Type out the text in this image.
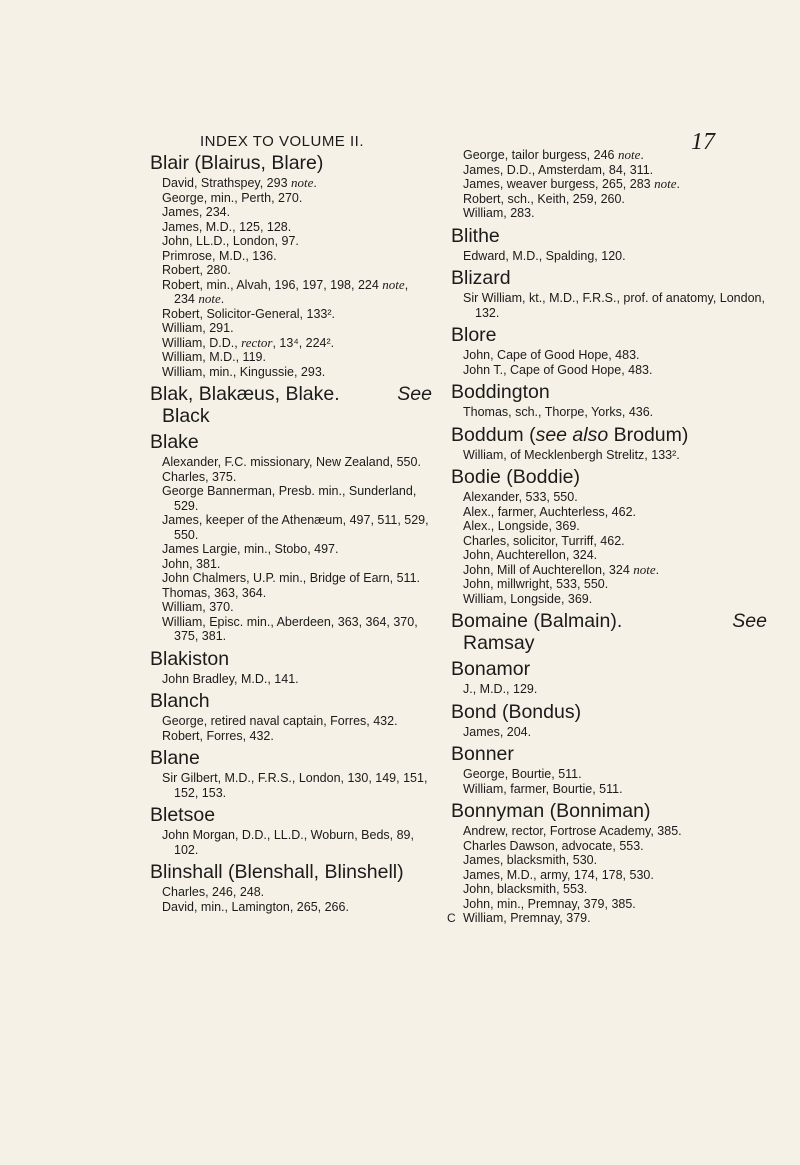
INDEX TO VOLUME II.	17
Blair (Blairus, Blare)
David, Strathspey, 293 note.
George, min., Perth, 270.
James, 234.
James, M.D., 125, 128.
John, LL.D., London, 97.
Primrose, M.D., 136.
Robert, 280.
Robert, min., Alvah, 196, 197, 198, 224 note, 234 note.
Robert, Solicitor-General, 133².
William, 291.
William, D.D., rector, 13⁴, 224².
William, M.D., 119.
William, min., Kingussie, 293.
Blak, Blakæus, Blake.	See
Black
Blake
Alexander, F.C. missionary, New Zealand, 550.
Charles, 375.
George Bannerman, Presb. min., Sunderland, 529.
James, keeper of the Athenæum, 497, 511, 529, 550.
James Largie, min., Stobo, 497.
John, 381.
John Chalmers, U.P. min., Bridge of Earn, 511.
Thomas, 363, 364.
William, 370.
William, Episc. min., Aberdeen, 363, 364, 370, 375, 381.
Blakiston
John Bradley, M.D., 141.
Blanch
George, retired naval captain, Forres, 432.
Robert, Forres, 432.
Blane
Sir Gilbert, M.D., F.R.S., London, 130, 149, 151, 152, 153.
Bletsoe
John Morgan, D.D., LL.D., Woburn, Beds, 89, 102.
Blinshall (Blenshall, Blinshell)
Charles, 246, 248.
David, min., Lamington, 265, 266.
George, tailor burgess, 246 note.
James, D.D., Amsterdam, 84, 311.
James, weaver burgess, 265, 283 note.
Robert, sch., Keith, 259, 260.
William, 283.
Blithe
Edward, M.D., Spalding, 120.
Blizard
Sir William, kt., M.D., F.R.S., prof. of anatomy, London, 132.
Blore
John, Cape of Good Hope, 483.
John T., Cape of Good Hope, 483.
Boddington
Thomas, sch., Thorpe, Yorks, 436.
Boddum (see also Brodum)
William, of Mecklenbergh Strelitz, 133².
Bodie (Boddie)
Alexander, 533, 550.
Alex., farmer, Auchterless, 462.
Alex., Longside, 369.
Charles, solicitor, Turriff, 462.
John, Auchterellon, 324.
John, Mill of Auchterellon, 324 note.
John, millwright, 533, 550.
William, Longside, 369.
Bomaine (Balmain).	See
Ramsay
Bonamor
J., M.D., 129.
Bond (Bondus)
James, 204.
Bonner
George, Bourtie, 511.
William, farmer, Bourtie, 511.
Bonnyman (Bonniman)
Andrew, rector, Fortrose Academy, 385.
Charles Dawson, advocate, 553.
James, blacksmith, 530.
James, M.D., army, 174, 178, 530.
John, blacksmith, 553.
John, min., Premnay, 379, 385.
William, Premnay, 379.
C
